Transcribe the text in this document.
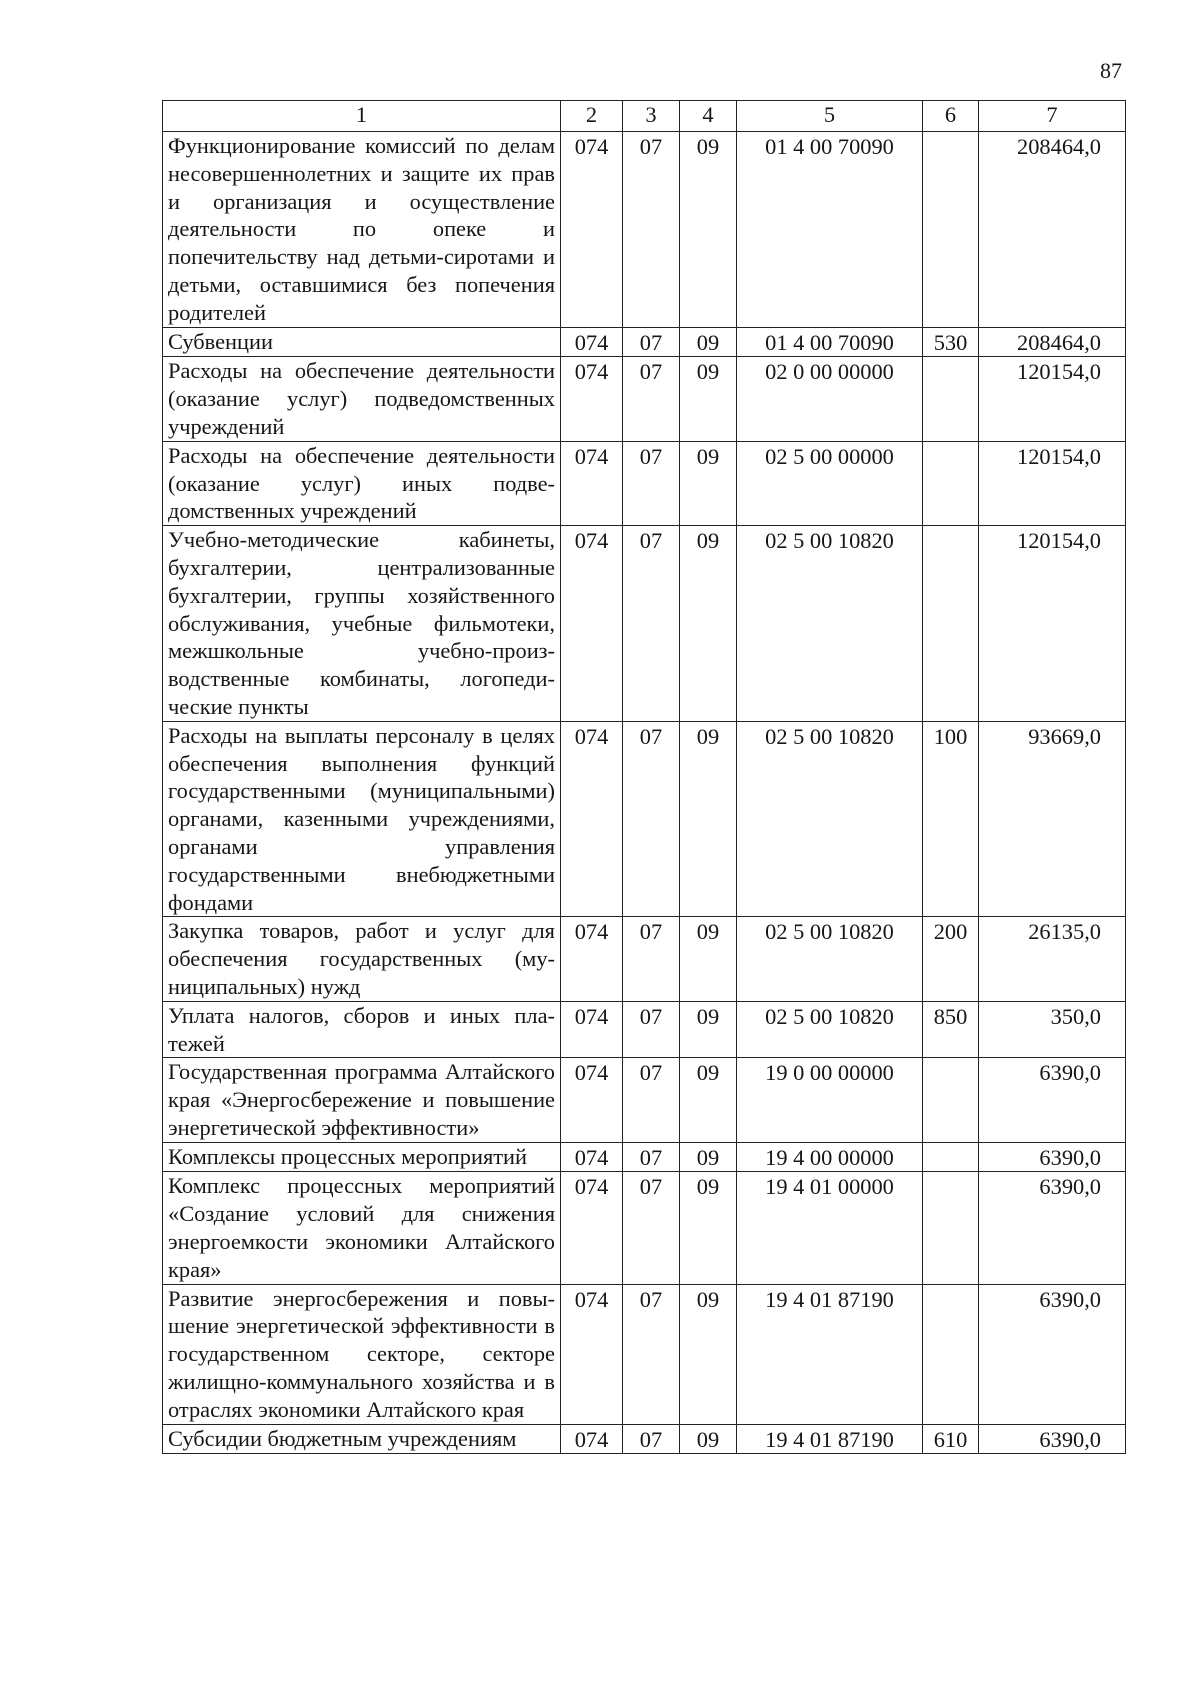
87
1	2	3	4	5	6	7
Функционирование комиссий по делам несовершеннолетних и защите их прав и организация и осуществление деятельности по опеке и попечительству над детьми-сиротами и детьми, оставшимися без попечения родителей	074	07	09	01 4 00 70090		208464,0
Субвенции	074	07	09	01 4 00 70090	530	208464,0
Расходы на обеспечение деятельности (оказание услуг) подведомственных учреждений	074	07	09	02 0 00 00000		120154,0
Расходы на обеспечение деятельности (оказание услуг) иных подведомственных учреждений	074	07	09	02 5 00 00000		120154,0
Учебно-методические кабинеты, бухгалтерии, централизованные бухгалтерии, группы хозяйственного обслуживания, учебные фильмотеки, межшкольные учебно-производственные комбинаты, логопедические пункты	074	07	09	02 5 00 10820		120154,0
Расходы на выплаты персоналу в целях обеспечения выполнения функций государственными (муниципальными) органами, казенными учреждениями, органами управления государственными внебюджетными фондами	074	07	09	02 5 00 10820	100	93669,0
Закупка товаров, работ и услуг для обеспечения государственных (муниципальных) нужд	074	07	09	02 5 00 10820	200	26135,0
Уплата налогов, сборов и иных платежей	074	07	09	02 5 00 10820	850	350,0
Государственная программа Алтайского края «Энергосбережение и повышение энергетической эффективности»	074	07	09	19 0 00 00000		6390,0
Комплексы процессных мероприятий	074	07	09	19 4 00 00000		6390,0
Комплекс процессных мероприятий «Создание условий для снижения энергоемкости экономики Алтайского края»	074	07	09	19 4 01 00000		6390,0
Развитие энергосбережения и повышение энергетической эффективности в государственном секторе, секторе жилищно-коммунального хозяйства и в отраслях экономики Алтайского края	074	07	09	19 4 01 87190		6390,0
Субсидии бюджетным учреждениям	074	07	09	19 4 01 87190	610	6390,0
